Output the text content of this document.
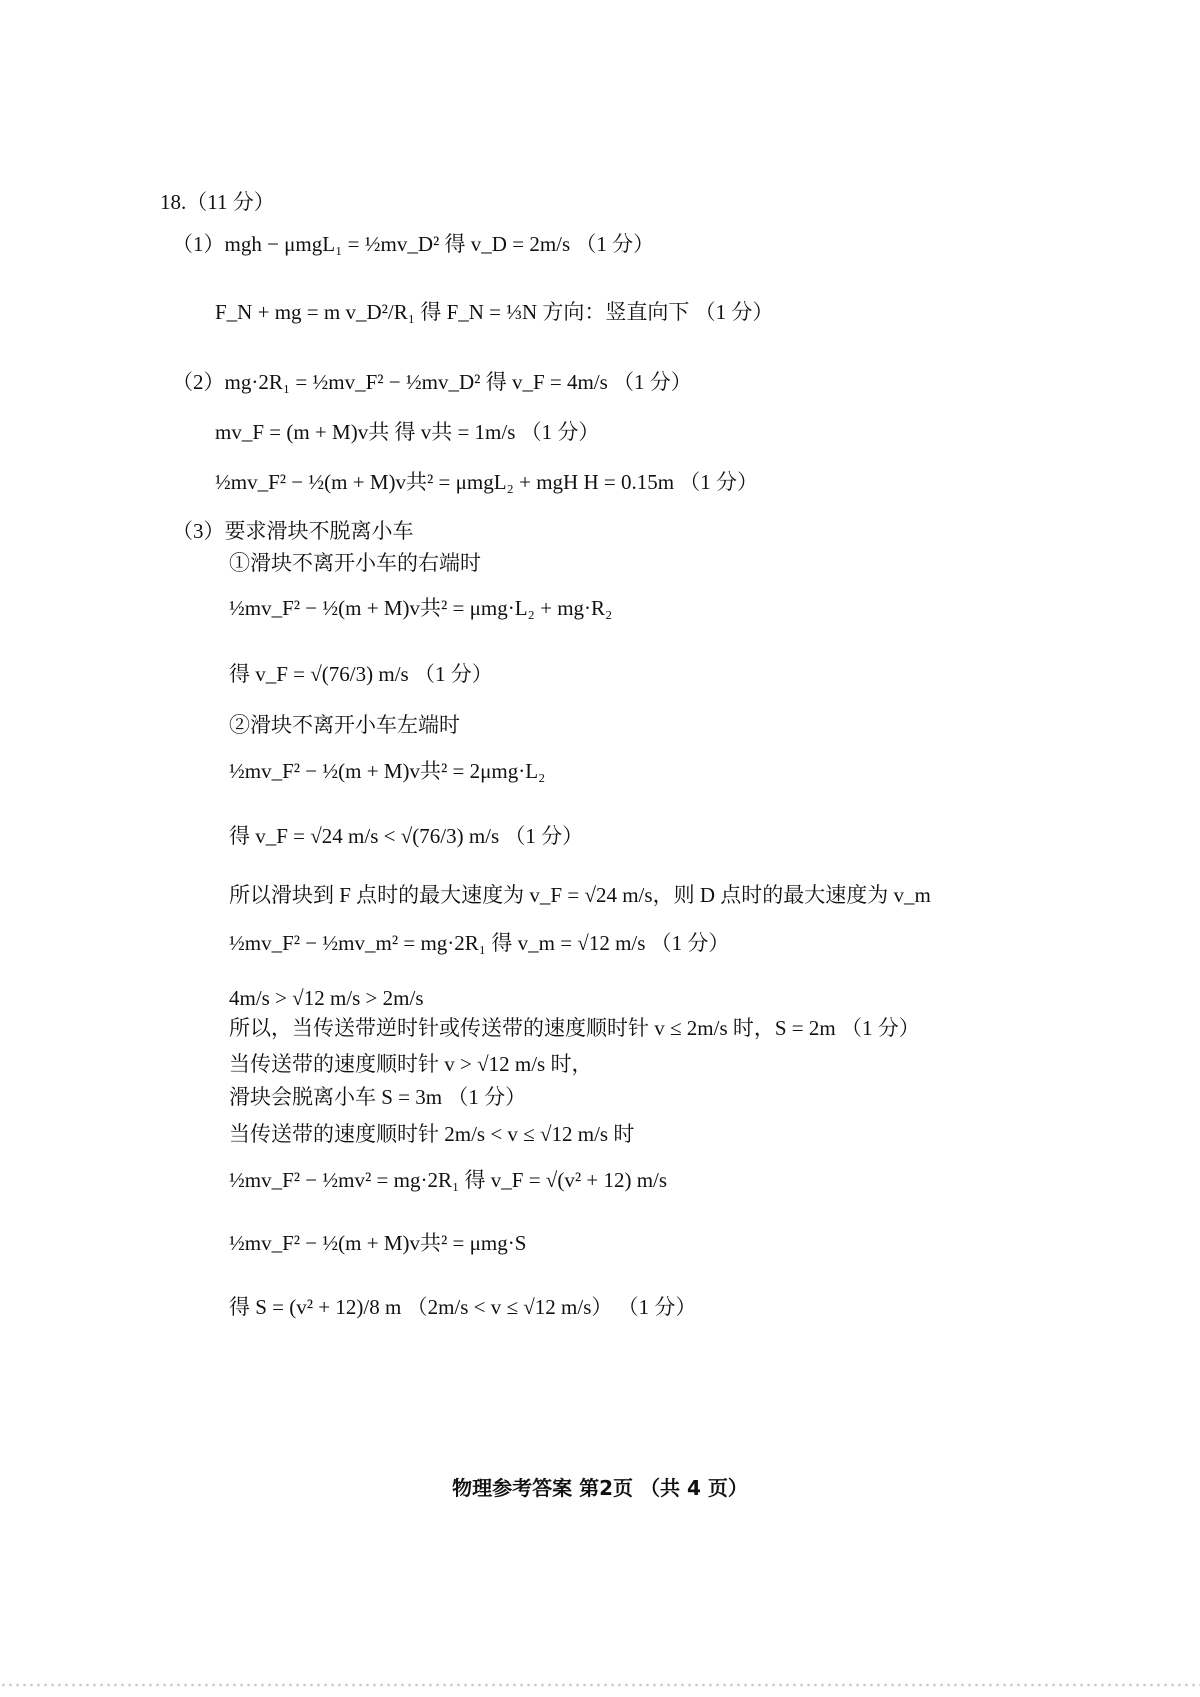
18.（11 分）
（1）mgh − μmgL₁ = ½mv_D² 得 v_D = 2m/s （1 分）
F_N + mg = m v_D²/R₁ 得 F_N = ⅓N 方向：竖直向下 （1 分）
（2）mg·2R₁ = ½mv_F² − ½mv_D² 得 v_F = 4m/s （1 分）
mv_F = (m + M)v共 得 v共 = 1m/s （1 分）
½mv_F² − ½(m + M)v共² = μmgL₂ + mgH H = 0.15m （1 分）
（3）要求滑块不脱离小车
①滑块不离开小车的右端时
½mv_F² − ½(m + M)v共² = μmg·L₂ + mg·R₂
得 v_F = √(76/3) m/s （1 分）
②滑块不离开小车左端时
½mv_F² − ½(m + M)v共² = 2μmg·L₂
得 v_F = √24 m/s < √(76/3) m/s （1 分）
所以滑块到 F 点时的最大速度为 v_F = √24 m/s，则 D 点时的最大速度为 v_m
½mv_F² − ½mv_m² = mg·2R₁ 得 v_m = √12 m/s （1 分）
4m/s > √12 m/s > 2m/s
所以，当传送带逆时针或传送带的速度顺时针 v ≤ 2m/s 时，S = 2m （1 分）
当传送带的速度顺时针 v > √12 m/s 时，
滑块会脱离小车 S = 3m （1 分）
当传送带的速度顺时针 2m/s < v ≤ √12 m/s 时
½mv_F² − ½mv² = mg·2R₁ 得 v_F = √(v² + 12) m/s
½mv_F² − ½(m + M)v共² = μmg·S
得 S = (v² + 12)/8 m （2m/s < v ≤ √12 m/s） （1 分）
物理参考答案 第2页 （共 4 页）
